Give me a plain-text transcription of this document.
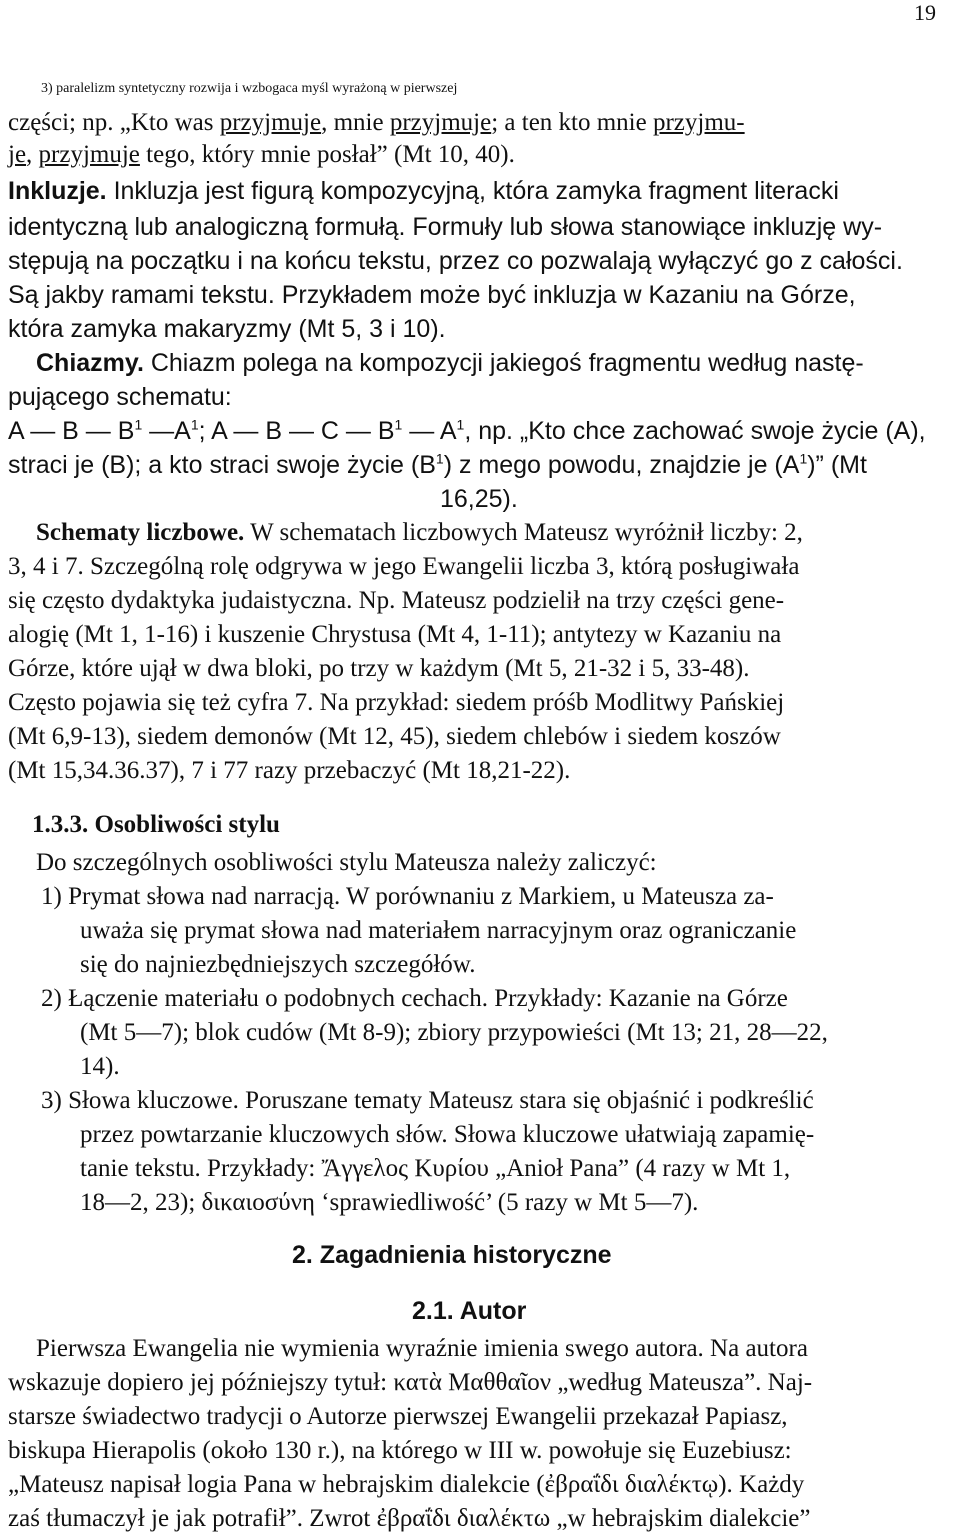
19
3) paralelizm syntetyczny rozwija i wzbogaca myśl wyrażoną w pierwszej
części; np. „Kto was przyjmuje, mnie przyjmuje; a ten kto mnie przyjmu-
je, przyjmuje tego, który mnie posłał” (Mt 10, 40).
Inkluzje. Inkluzja jest figurą kompozycyjną, która zamyka fragment literacki
identyczną lub analogiczną formułą. Formuły lub słowa stanowiące inkluzję wy-
stępują na początku i na końcu tekstu, przez co pozwalają wyłączyć go z całości.
Są jakby ramami tekstu. Przykładem może być inkluzja w Kazaniu na Górze,
która zamyka makaryzmy (Mt 5, 3 i 10).
Chiazmy. Chiazm polega na kompozycji jakiegoś fragmentu według nastę-
pującego schematu:
A — B — $B^1$ $—A^1$; A — B — C — $B^1$ — $A^1$, np. „Kto chce zachować swoje życie (A),
straci je (B); a kto straci swoje życie $(B^1)$ z mego powodu, znajdzie je $(A^1)$” (Mt
16,25).
Schematy liczbowe. W schematach liczbowych Mateusz wyróżnił liczby: 2,
3, 4 i 7. Szczególną rolę odgrywa w jego Ewangelii liczba 3, którą posługiwała
się często dydaktyka judaistyczna. Np. Mateusz podzielił na trzy części gene-
alogię (Mt 1, 1-16) i kuszenie Chrystusa (Mt 4, 1-11); antytezy w Kazaniu na
Górze, które ujął w dwa bloki, po trzy w każdym (Mt 5, 21-32 i 5, 33-48).
Często pojawia się też cyfra 7. Na przykład: siedem próśb Modlitwy Pańskiej
(Mt 6,9-13), siedem demonów (Mt 12, 45), siedem chlebów i siedem koszów
(Mt 15,34.36.37), 7 i 77 razy przebaczyć (Mt 18,21-22).
1.3.3. Osobliwości stylu
Do szczególnych osobliwości stylu Mateusza należy zaliczyć:
1) Prymat słowa nad narracją. W porównaniu z Markiem, u Mateusza za-
uważa się prymat słowa nad materiałem narracyjnym oraz ograniczanie
się do najniezbędniejszych szczegółów.
2) Łączenie materiału o podobnych cechach. Przykłady: Kazanie na Górze
(Mt 5—7); blok cudów (Mt 8-9); zbiory przypowieści (Mt 13; 21, 28—22,
14).
3) Słowa kluczowe. Poruszane tematy Mateusz stara się objaśnić i podkreślić
przez powtarzanie kluczowych słów. Słowa kluczowe ułatwiają zapamię-
tanie tekstu. Przykłady: Ἄγγελος Κυρίου „Anioł Pana” (4 razy w Mt 1,
18—2, 23); δικαιοσύνη ‘sprawiedliwość’ (5 razy w Mt 5—7).
2. Zagadnienia historyczne
2.1. Autor
Pierwsza Ewangelia nie wymienia wyraźnie imienia swego autora. Na autora
wskazuje dopiero jej późniejszy tytuł: κατὰ Μαθθαῖον „według Mateusza”. Naj-
starsze świadectwo tradycji o Autorze pierwszej Ewangelii przekazał Papiasz,
biskupa Hierapolis (około 130 r.), na którego w III w. powołuje się Euzebiusz:
„Mateusz napisał logia Pana w hebrajskim dialekcie (ἐβραΐδι διαλέκτῳ). Każdy
zaś tłumaczył je jak potrafił”. Zwrot ἐβραΐδι διαλέκτω „w hebrajskim dialekcie”
